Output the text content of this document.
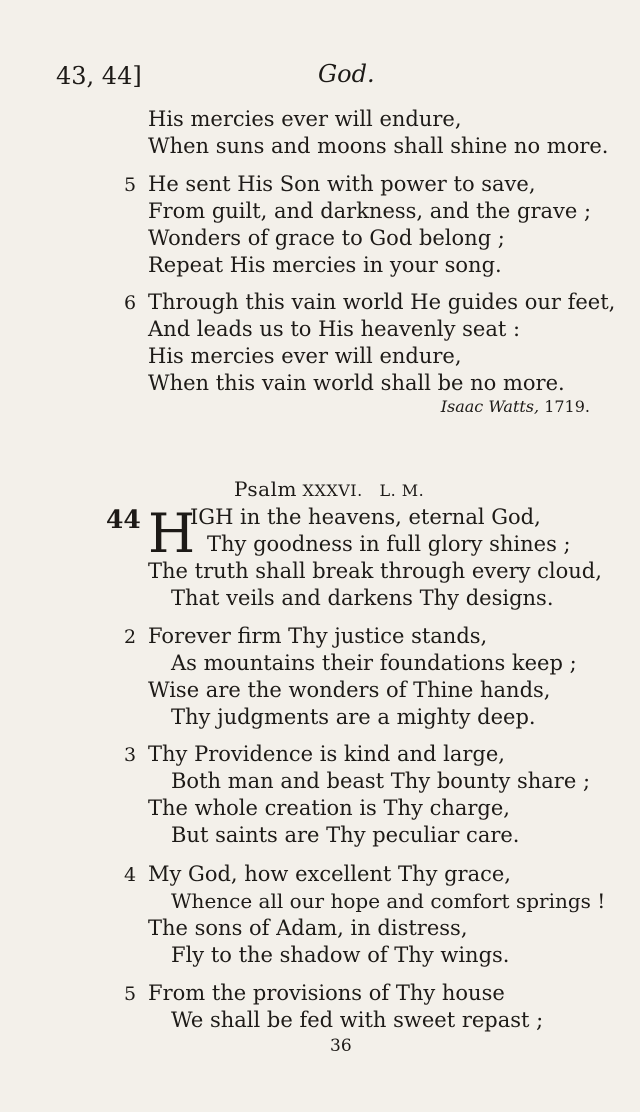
43, 44]	God.
His mercies ever will endure,
When suns and moons shall shine no more.
5 He sent His Son with power to save,
From guilt, and darkness, and the grave ;
Wonders of grace to God belong ;
Repeat His mercies in your song.
6 Through this vain world He guides our feet,
And leads us to His heavenly seat :
His mercies ever will endure,
When this vain world shall be no more.
Isaac Watts, 1719.
Psalm XXXVI.   L. M.
44 H
IGH in the heavens, eternal God,
Thy goodness in full glory shines ;
The truth shall break through every cloud,
That veils and darkens Thy designs.
2 Forever firm Thy justice stands,
As mountains their foundations keep ;
Wise are the wonders of Thine hands,
Thy judgments are a mighty deep.
3 Thy Providence is kind and large,
Both man and beast Thy bounty share ;
The whole creation is Thy charge,
But saints are Thy peculiar care.
4 My God, how excellent Thy grace,
Whence all our hope and comfort springs !
The sons of Adam, in distress,
Fly to the shadow of Thy wings.
5 From the provisions of Thy house
We shall be fed with sweet repast ;
36
